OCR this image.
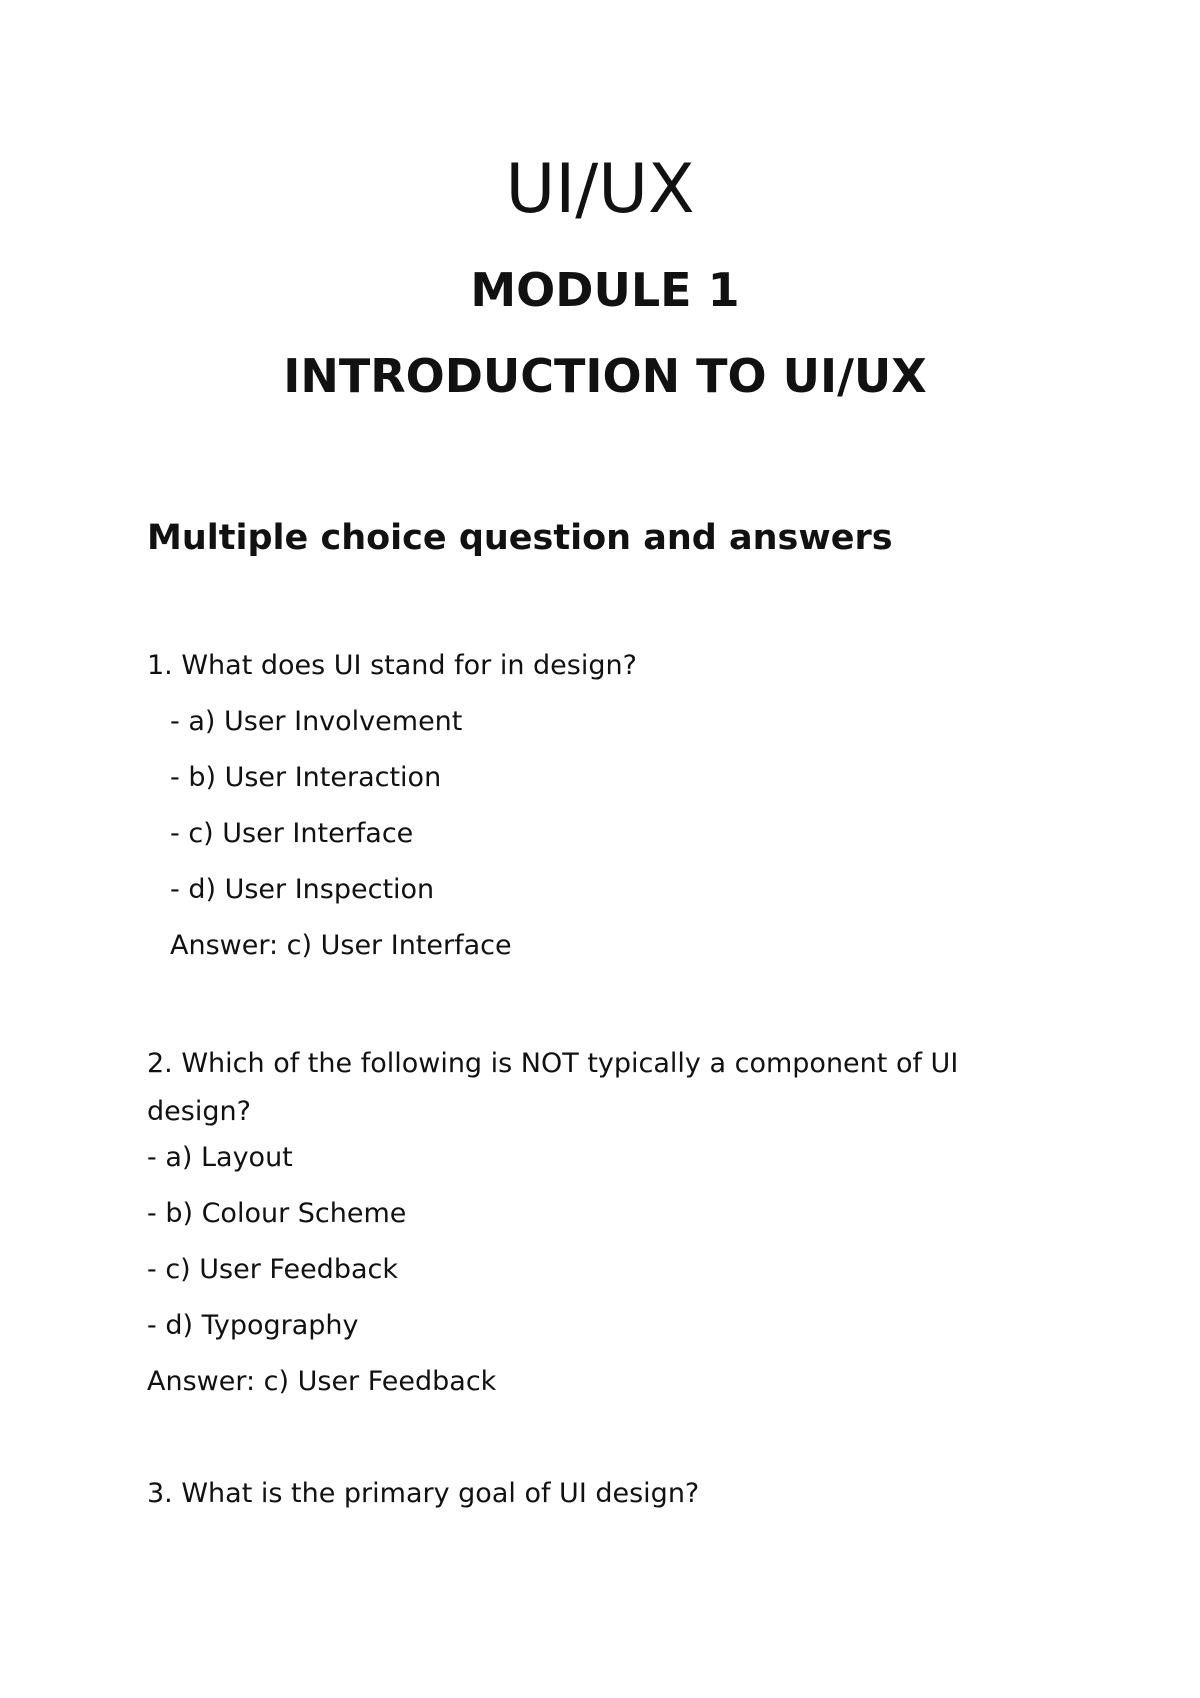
UI/UX
MODULE 1
INTRODUCTION TO UI/UX
Multiple choice question and answers

1. What does UI stand for in design?

- a) User Involvement

- b) User Interaction

- c) User Interface

- d) User Inspection

Answer: c) User Interface

2. Which of the following is NOT typically a component of UI design?

- a) Layout

- b) Colour Scheme

- c) User Feedback

- d) Typography

Answer: c) User Feedback

3. What is the primary goal of UI design?
